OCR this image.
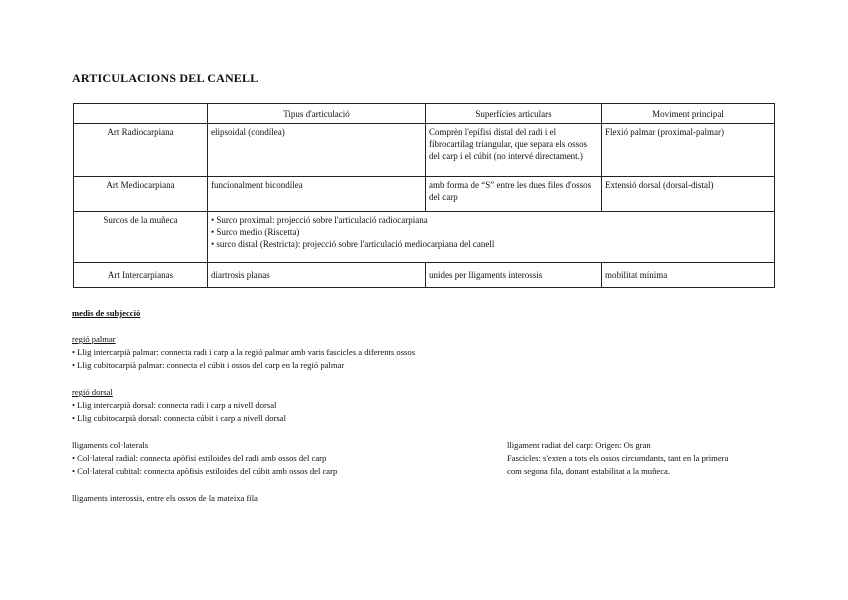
ARTICULACIONS DEL CANELL
	Tipus d'articulació	Superfícies articulars	Moviment principal
Art Radiocarpiana	elipsoidal (condílea)	Comprèn l'epífisi distal del radi i el fibrocartílag triangular, que separa els ossos del carp i el cúbit (no intervé directament.)	Flexió palmar (proximal-palmar)
Art Mediocarpiana	funcionalment bicondílea	amb forma de “S” entre les dues files d'ossos del carp	Extensió dorsal (dorsal-distal)
Surcos de la muñeca	• Surco proximal: projecció sobre l'articulació radiocarpiana
• Surco medio (Riscetta)
• surco distal (Restricta): projecció sobre l'articulació mediocarpiana del canell		

Art Intercarpianas	diartrosis planas	unides per lligaments interossis	mobilitat mínima
medis de subjecció
regió palmar
• Llig intercarpià palmar: connecta radi i carp a la regió palmar amb varis fascicles a diferents ossos
• Llig cubitocarpià palmar: connecta el cúbit i ossos del carp en la regió palmar
regió dorsal
• Llig intercarpià dorsal: connecta radi i carp a nivell dorsal
• Llig cubitocarpià dorsal: connecta cúbit i carp a nivell dorsal
lligaments col·laterals
• Col·lateral radial: connecta apòfisi estiloides del radi amb ossos del carp
• Col·lateral cubital: connecta apòfisis estiloides del cúbit amb ossos del carp
lligament radiat del carp: Origen: Os gran
Fascicles: s'exten a tots els ossos circumdants, tant en la primera
com segona fila, donant estabilitat a la muñeca.
lligaments interossis, entre els ossos de la mateixa fila
